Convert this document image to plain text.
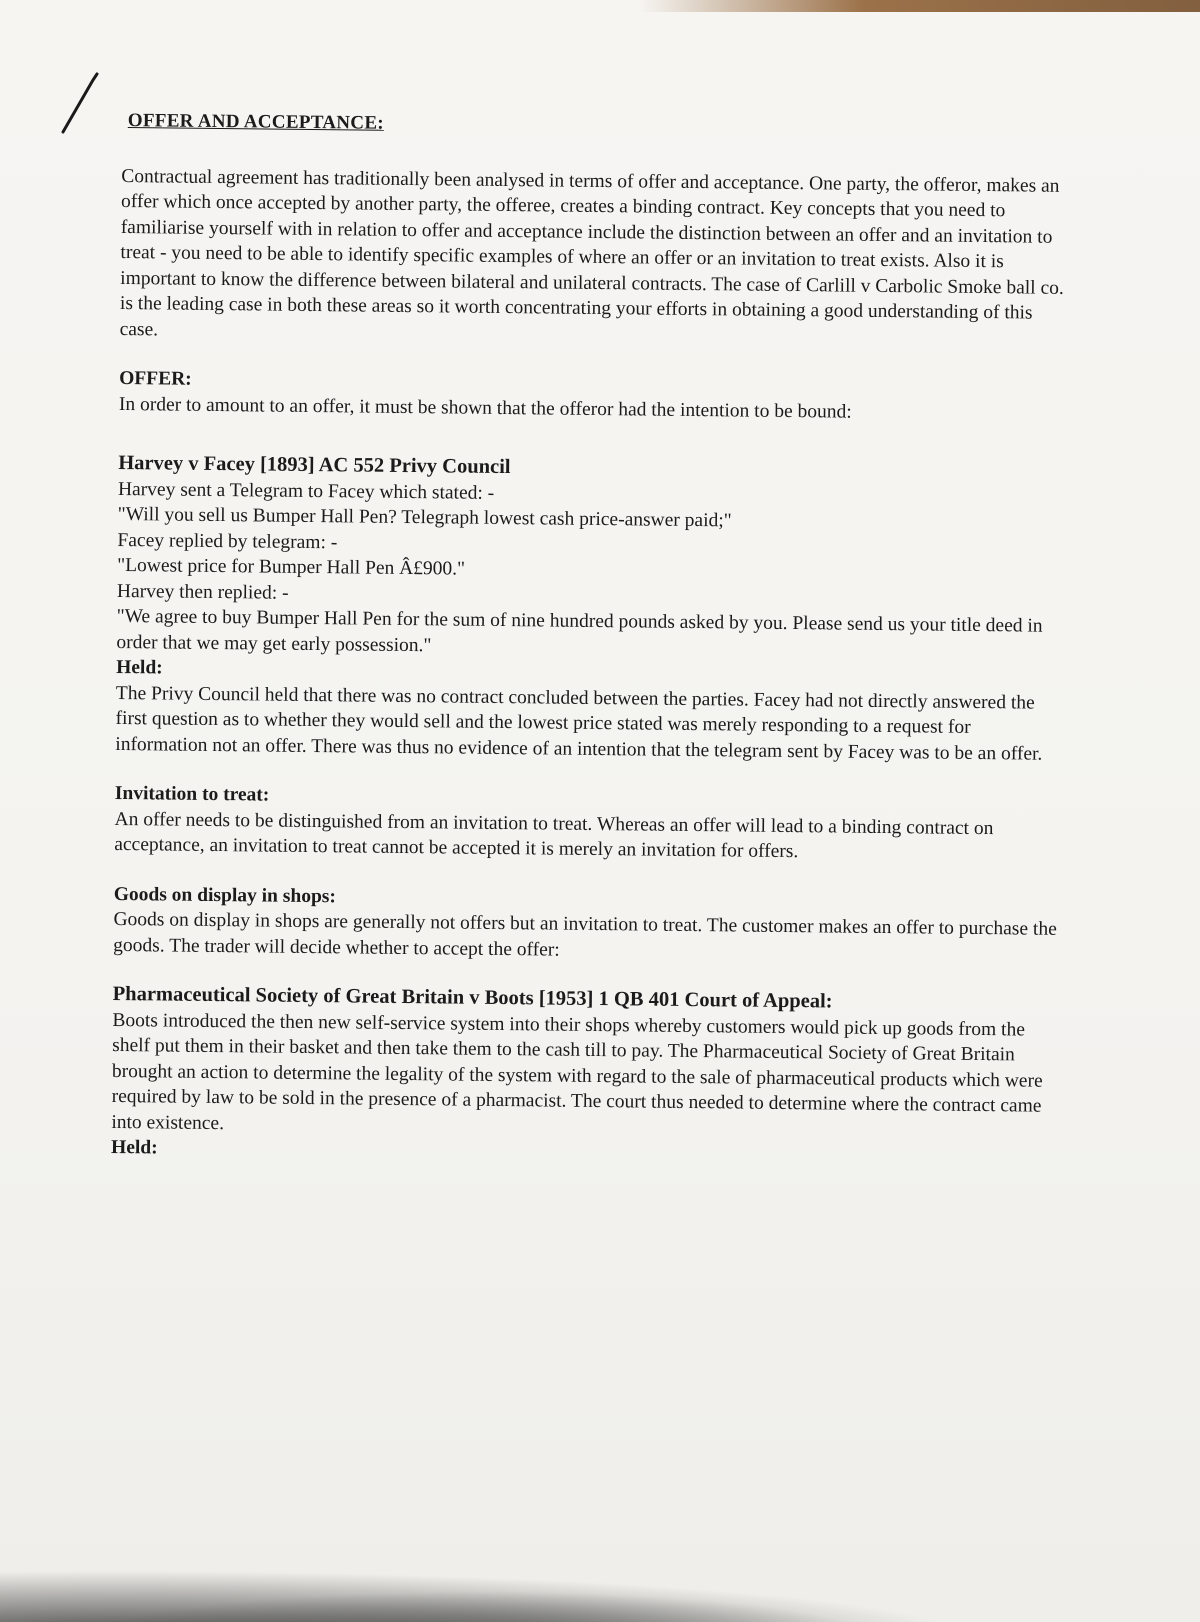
OFFER AND ACCEPTANCE:

Contractual agreement has traditionally been analysed in terms of offer and acceptance. One party, the offeror, makes an offer which once accepted by another party, the offeree, creates a binding contract. Key concepts that you need to familiarise yourself with in relation to offer and acceptance include the distinction between an offer and an invitation to treat - you need to be able to identify specific examples of where an offer or an invitation to treat exists. Also it is important to know the difference between bilateral and unilateral contracts. The case of Carlill v Carbolic Smoke ball co. is the leading case in both these areas so it worth concentrating your efforts in obtaining a good understanding of this case.

OFFER:

In order to amount to an offer, it must be shown that the offeror had the intention to be bound:

Harvey v Facey [1893] AC 552 Privy Council

Harvey sent a Telegram to Facey which stated: -

"Will you sell us Bumper Hall Pen? Telegraph lowest cash price-answer paid;"

Facey replied by telegram: -

"Lowest price for Bumper Hall Pen Â£900."

Harvey then replied: -

"We agree to buy Bumper Hall Pen for the sum of nine hundred pounds asked by you. Please send us your title deed in order that we may get early possession."

Held:

The Privy Council held that there was no contract concluded between the parties. Facey had not directly answered the first question as to whether they would sell and the lowest price stated was merely responding to a request for information not an offer. There was thus no evidence of an intention that the telegram sent by Facey was to be an offer.

Invitation to treat:

An offer needs to be distinguished from an invitation to treat. Whereas an offer will lead to a binding contract on acceptance, an invitation to treat cannot be accepted it is merely an invitation for offers.

Goods on display in shops:

Goods on display in shops are generally not offers but an invitation to treat. The customer makes an offer to purchase the goods. The trader will decide whether to accept the offer:

Pharmaceutical Society of Great Britain v Boots [1953] 1 QB 401 Court of Appeal:

Boots introduced the then new self-service system into their shops whereby customers would pick up goods from the shelf put them in their basket and then take them to the cash till to pay. The Pharmaceutical Society of Great Britain brought an action to determine the legality of the system with regard to the sale of pharmaceutical products which were required by law to be sold in the presence of a pharmacist. The court thus needed to determine where the contract came into existence.

Held:
